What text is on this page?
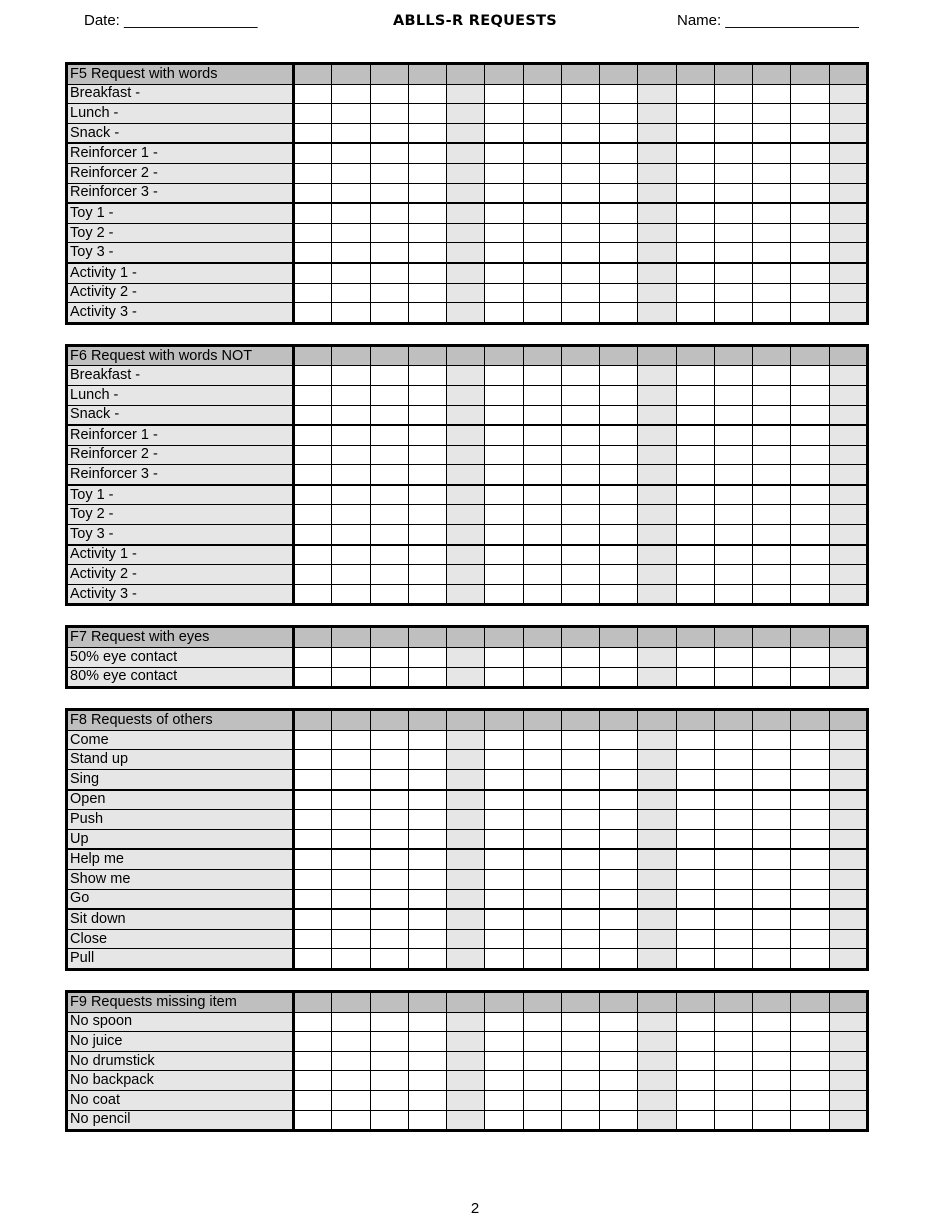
Date: ________________	ABLLS-R REQUESTS	Name: ________________
F5 Request with words															
Breakfast -															
Lunch -															
Snack -															
Reinforcer 1 -															
Reinforcer 2 -															
Reinforcer 3 -															
Toy 1 -															
Toy 2 -															
Toy 3 -															
Activity 1 -															
Activity 2 -															
Activity 3 -															
F6 Request with words NOT															
Breakfast -															
Lunch -															
Snack -															
Reinforcer 1 -															
Reinforcer 2 -															
Reinforcer 3 -															
Toy 1 -															
Toy 2 -															
Toy 3 -															
Activity 1 -															
Activity 2 -															
Activity 3 -															
F7 Request with eyes															
50% eye contact															
80% eye contact															
F8 Requests of others															
Come															
Stand up															
Sing															
Open															
Push															
Up															
Help me															
Show me															
Go															
Sit down															
Close															
Pull															
F9 Requests missing item															
No spoon															
No juice															
No drumstick															
No backpack															
No coat															
No pencil															
2
